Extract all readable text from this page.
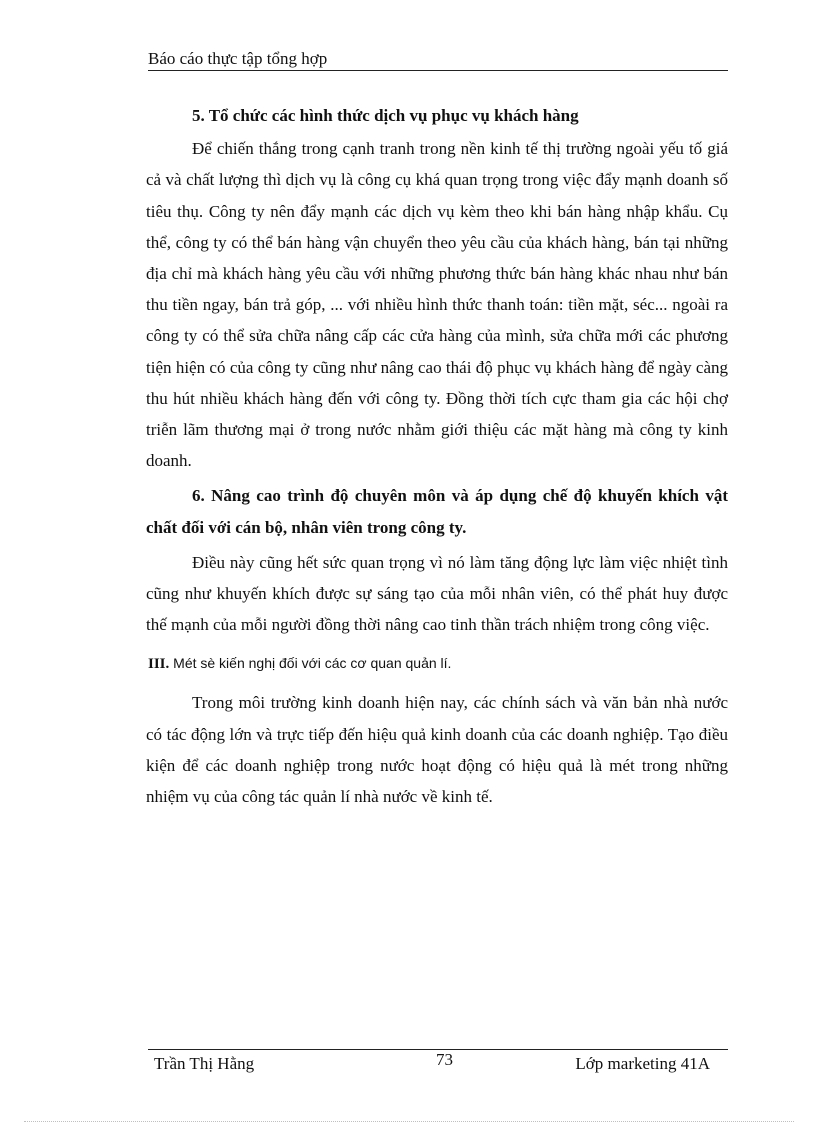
Báo cáo thực tập tổng hợp
5. Tổ chức các hình thức dịch vụ phục vụ khách hàng

Để chiến thắng trong cạnh tranh trong nền kinh tế thị trường ngoài yếu tố giá cả và chất lượng thì dịch vụ là công cụ khá quan trọng trong việc đẩy mạnh doanh số tiêu thụ. Công ty nên đẩy mạnh các dịch vụ kèm theo khi bán hàng nhập khẩu. Cụ thể, công ty có thể bán hàng vận chuyển theo yêu cầu của khách hàng, bán tại những địa chỉ mà khách hàng yêu cầu với những phương thức bán hàng khác nhau như bán thu tiền ngay, bán trả góp, ... với nhiều hình thức thanh toán: tiền mặt, séc... ngoài ra công ty có thể sửa chữa nâng cấp các cửa hàng của mình, sửa chữa mới các phương tiện hiện có của công ty cũng như nâng cao thái độ phục vụ khách hàng để ngày càng thu hút nhiều khách hàng đến với công ty. Đồng thời tích cực tham gia các hội chợ triễn lãm thương mại ở trong nước nhằm giới thiệu các mặt hàng mà công ty kinh doanh.

6. Nâng cao trình độ chuyên môn và áp dụng chế độ khuyến khích vật chất đối với cán bộ, nhân viên trong công ty.

Điều này cũng hết sức quan trọng vì nó làm tăng động lực làm việc nhiệt tình cũng như khuyến khích được sự sáng tạo của mỗi nhân viên, có thể phát huy được thế mạnh của mỗi người đồng thời nâng cao tinh thần trách nhiệm trong công việc.

III. Mét sè kiến nghị đối với các cơ quan quản lí.

Trong môi trường kinh doanh hiện nay, các chính sách và văn bản nhà nước có tác động lớn và trực tiếp đến hiệu quả kinh doanh của các doanh nghiệp. Tạo điều kiện để các doanh nghiệp trong nước hoạt động có hiệu quả là mét trong những nhiệm vụ của công tác quản lí nhà nước về kinh tế.

Trần Thị Hằng	73	Lớp marketing 41A
